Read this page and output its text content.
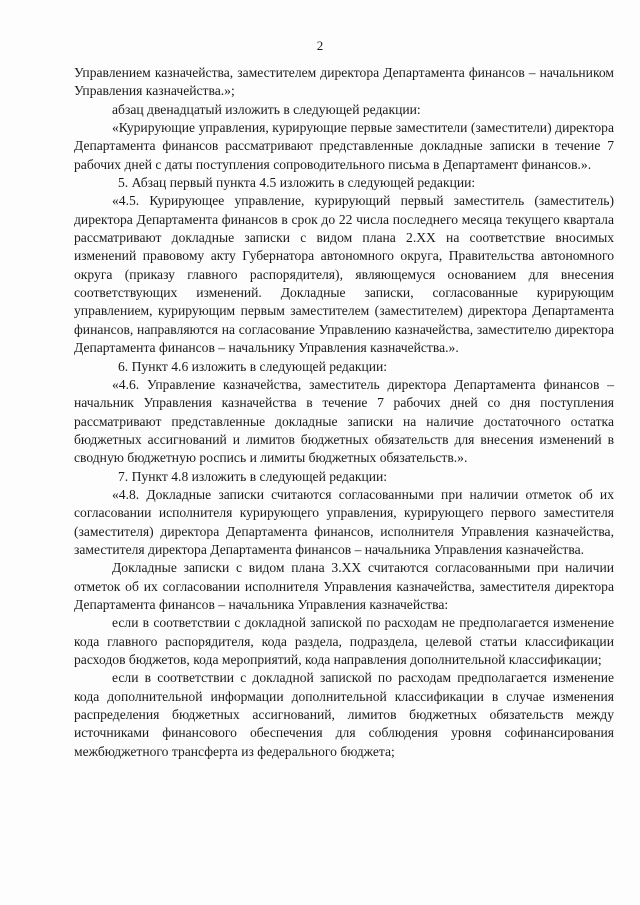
2

Управлением казначейства, заместителем директора Департамента финансов – начальником Управления казначейства.»;

абзац двенадцатый изложить в следующей редакции:

«Курирующие управления, курирующие первые заместители (заместители) директора Департамента финансов рассматривают представленные докладные записки в течение 7 рабочих дней с даты поступления сопроводительного письма в Департамент финансов.».

5. Абзац первый пункта 4.5 изложить в следующей редакции:

«4.5. Курирующее управление, курирующий первый заместитель (заместитель) директора Департамента финансов в срок до 22 числа последнего месяца текущего квартала рассматривают докладные записки с видом плана 2.ХХ на соответствие вносимых изменений правовому акту Губернатора автономного округа, Правительства автономного округа (приказу главного распорядителя), являющемуся основанием для внесения соответствующих изменений. Докладные записки, согласованные курирующим управлением, курирующим первым заместителем (заместителем) директора Департамента финансов, направляются на согласование Управлению казначейства, заместителю директора Департамента финансов – начальнику Управления казначейства.».

6. Пункт 4.6 изложить в следующей редакции:

«4.6. Управление казначейства, заместитель директора Департамента финансов – начальник Управления казначейства в течение 7 рабочих дней со дня поступления рассматривают представленные докладные записки на наличие достаточного остатка бюджетных ассигнований и лимитов бюджетных обязательств для внесения изменений в сводную бюджетную роспись и лимиты бюджетных обязательств.».

7. Пункт 4.8 изложить в следующей редакции:

«4.8. Докладные записки считаются согласованными при наличии отметок об их согласовании исполнителя курирующего управления, курирующего первого заместителя (заместителя) директора Департамента финансов, исполнителя Управления казначейства, заместителя директора Департамента финансов – начальника Управления казначейства.

Докладные записки с видом плана 3.ХХ считаются согласованными при наличии отметок об их согласовании исполнителя Управления казначейства, заместителя директора Департамента финансов – начальника Управления казначейства:

если в соответствии с докладной запиской по расходам не предполагается изменение кода главного распорядителя, кода раздела, подраздела, целевой статьи классификации расходов бюджетов, кода мероприятий, кода направления дополнительной классификации;

если в соответствии с докладной запиской по расходам предполагается изменение кода дополнительной информации дополнительной классификации в случае изменения распределения бюджетных ассигнований, лимитов бюджетных обязательств между источниками финансового обеспечения для соблюдения уровня софинансирования межбюджетного трансферта из федерального бюджета;
